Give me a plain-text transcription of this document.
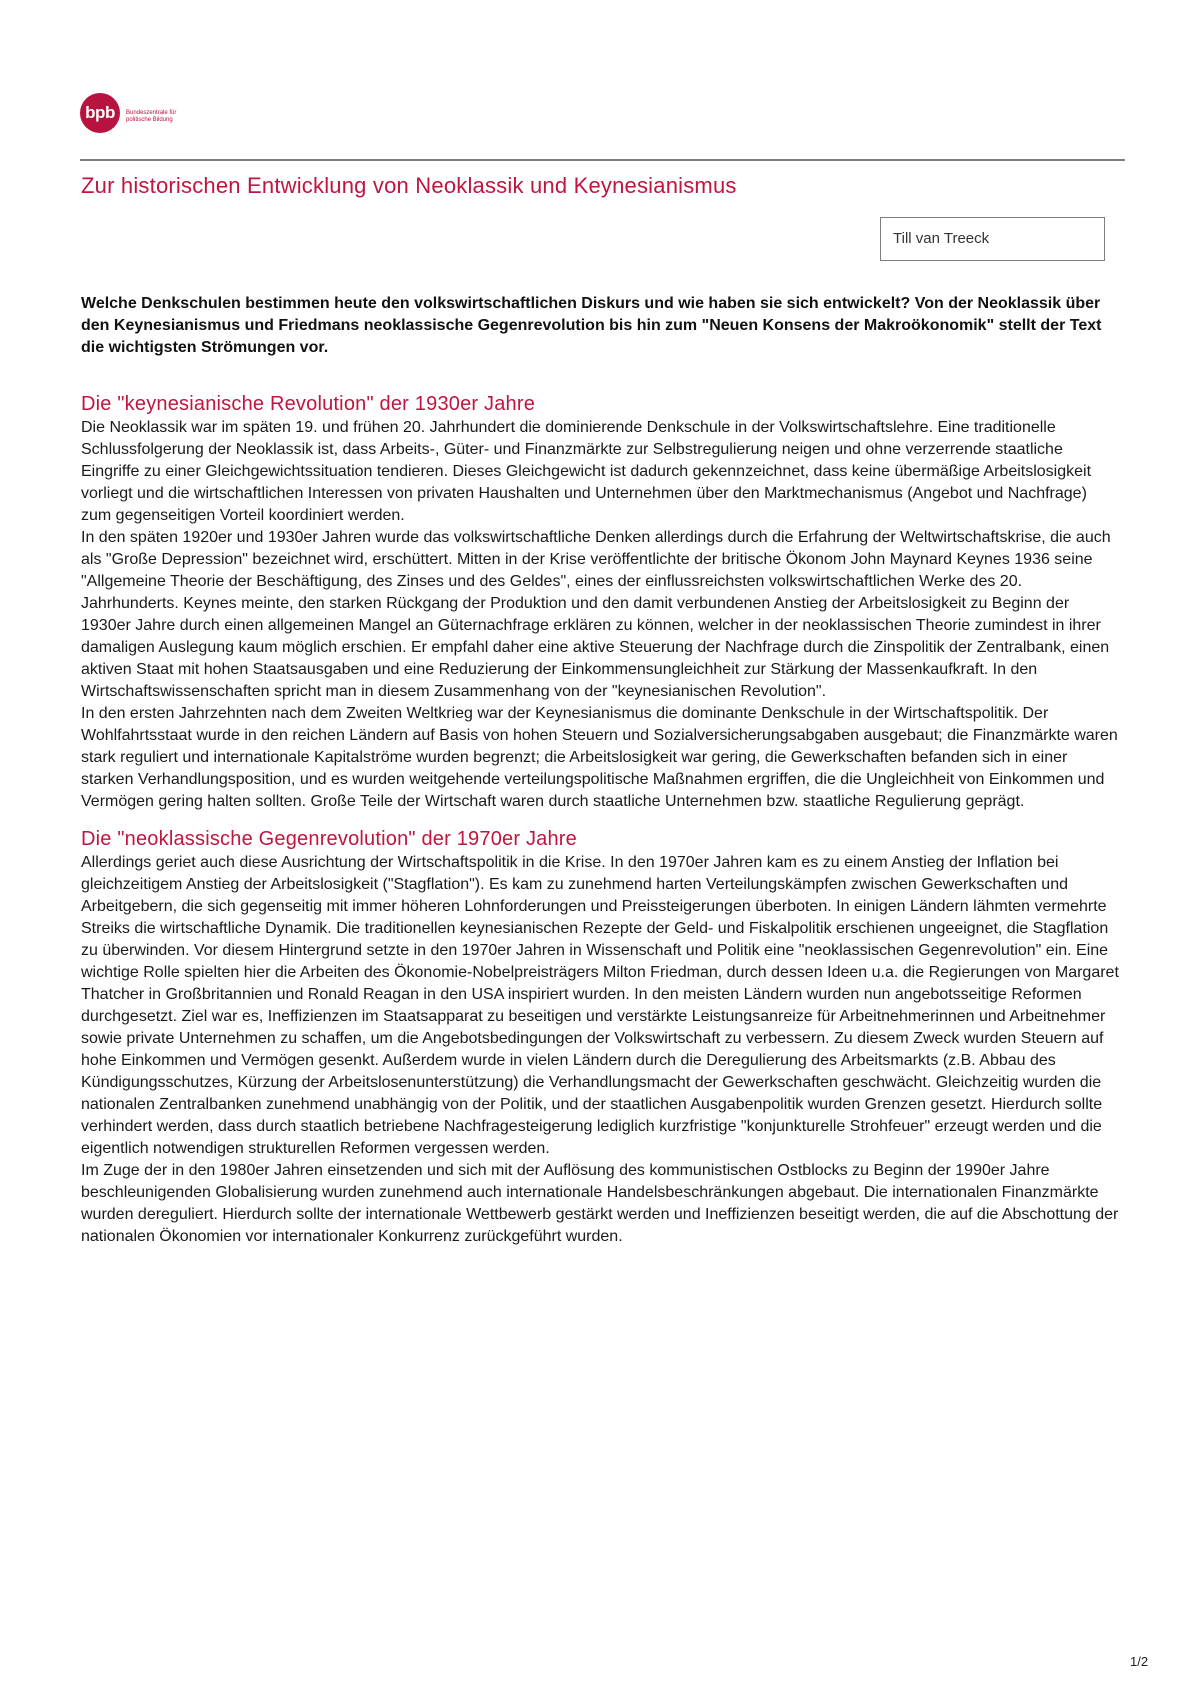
bpb	Bundeszentrale für politische Bildung
Zur historischen Entwicklung von Neoklassik und Keynesianismus
Till van Treeck

Welche Denkschulen bestimmen heute den volkswirtschaftlichen Diskurs und wie haben sie sich entwickelt? Von der Neoklassik über den Keynesianismus und Friedmans neoklassische Gegenrevolution bis hin zum "Neuen Konsens der Makroökonomik" stellt der Text die wichtigsten Strömungen vor.

Die "keynesianische Revolution" der 1930er Jahre

Die Neoklassik war im späten 19. und frühen 20. Jahrhundert die dominierende Denkschule in der Volkswirtschaftslehre. Eine traditionelle Schlussfolgerung der Neoklassik ist, dass Arbeits-, Güter- und Finanzmärkte zur Selbstregulierung neigen und ohne verzerrende staatliche Eingriffe zu einer Gleichgewichtssituation tendieren. Dieses Gleichgewicht ist dadurch gekennzeichnet, dass keine übermäßige Arbeitslosigkeit vorliegt und die wirtschaftlichen Interessen von privaten Haushalten und Unternehmen über den Marktmechanismus (Angebot und Nachfrage) zum gegenseitigen Vorteil koordiniert werden.

In den späten 1920er und 1930er Jahren wurde das volkswirtschaftliche Denken allerdings durch die Erfahrung der Weltwirtschaftskrise, die auch als "Große Depression" bezeichnet wird, erschüttert. Mitten in der Krise veröffentlichte der britische Ökonom John Maynard Keynes 1936 seine "Allgemeine Theorie der Beschäftigung, des Zinses und des Geldes", eines der einflussreichsten volkswirtschaftlichen Werke des 20. Jahrhunderts. Keynes meinte, den starken Rückgang der Produktion und den damit verbundenen Anstieg der Arbeitslosigkeit zu Beginn der 1930er Jahre durch einen allgemeinen Mangel an Güternachfrage erklären zu können, welcher in der neoklassischen Theorie zumindest in ihrer damaligen Auslegung kaum möglich erschien. Er empfahl daher eine aktive Steuerung der Nachfrage durch die Zinspolitik der Zentralbank, einen aktiven Staat mit hohen Staatsausgaben und eine Reduzierung der Einkommensungleichheit zur Stärkung der Massenkaufkraft. In den Wirtschaftswissenschaften spricht man in diesem Zusammenhang von der "keynesianischen Revolution".

In den ersten Jahrzehnten nach dem Zweiten Weltkrieg war der Keynesianismus die dominante Denkschule in der Wirtschaftspolitik. Der Wohlfahrtsstaat wurde in den reichen Ländern auf Basis von hohen Steuern und Sozialversicherungsabgaben ausgebaut; die Finanzmärkte waren stark reguliert und internationale Kapitalströme wurden begrenzt; die Arbeitslosigkeit war gering, die Gewerkschaften befanden sich in einer starken Verhandlungsposition, und es wurden weitgehende verteilungspolitische Maßnahmen ergriffen, die die Ungleichheit von Einkommen und Vermögen gering halten sollten. Große Teile der Wirtschaft waren durch staatliche Unternehmen bzw. staatliche Regulierung geprägt.

Die "neoklassische Gegenrevolution" der 1970er Jahre

Allerdings geriet auch diese Ausrichtung der Wirtschaftspolitik in die Krise. In den 1970er Jahren kam es zu einem Anstieg der Inflation bei gleichzeitigem Anstieg der Arbeitslosigkeit ("Stagflation"). Es kam zu zunehmend harten Verteilungskämpfen zwischen Gewerkschaften und Arbeitgebern, die sich gegenseitig mit immer höheren Lohnforderungen und Preissteigerungen überboten. In einigen Ländern lähmten vermehrte Streiks die wirtschaftliche Dynamik. Die traditionellen keynesianischen Rezepte der Geld- und Fiskalpolitik erschienen ungeeignet, die Stagflation zu überwinden. Vor diesem Hintergrund setzte in den 1970er Jahren in Wissenschaft und Politik eine "neoklassischen Gegenrevolution" ein. Eine wichtige Rolle spielten hier die Arbeiten des Ökonomie-Nobelpreisträgers Milton Friedman, durch dessen Ideen u.a. die Regierungen von Margaret Thatcher in Großbritannien und Ronald Reagan in den USA inspiriert wurden. In den meisten Ländern wurden nun angebotsseitige Reformen durchgesetzt. Ziel war es, Ineffizienzen im Staatsapparat zu beseitigen und verstärkte Leistungsanreize für Arbeitnehmerinnen und Arbeitnehmer sowie private Unternehmen zu schaffen, um die Angebotsbedingungen der Volkswirtschaft zu verbessern. Zu diesem Zweck wurden Steuern auf hohe Einkommen und Vermögen gesenkt. Außerdem wurde in vielen Ländern durch die Deregulierung des Arbeitsmarkts (z.B. Abbau des Kündigungsschutzes, Kürzung der Arbeitslosenunterstützung) die Verhandlungsmacht der Gewerkschaften geschwächt. Gleichzeitig wurden die nationalen Zentralbanken zunehmend unabhängig von der Politik, und der staatlichen Ausgabenpolitik wurden Grenzen gesetzt. Hierdurch sollte verhindert werden, dass durch staatlich betriebene Nachfragesteigerung lediglich kurzfristige "konjunkturelle Strohfeuer" erzeugt werden und die eigentlich notwendigen strukturellen Reformen vergessen werden.

Im Zuge der in den 1980er Jahren einsetzenden und sich mit der Auflösung des kommunistischen Ostblocks zu Beginn der 1990er Jahre beschleunigenden Globalisierung wurden zunehmend auch internationale Handelsbeschränkungen abgebaut. Die internationalen Finanzmärkte wurden dereguliert. Hierdurch sollte der internationale Wettbewerb gestärkt werden und Ineffizienzen beseitigt werden, die auf die Abschottung der nationalen Ökonomien vor internationaler Konkurrenz zurückgeführt wurden.

1/2
